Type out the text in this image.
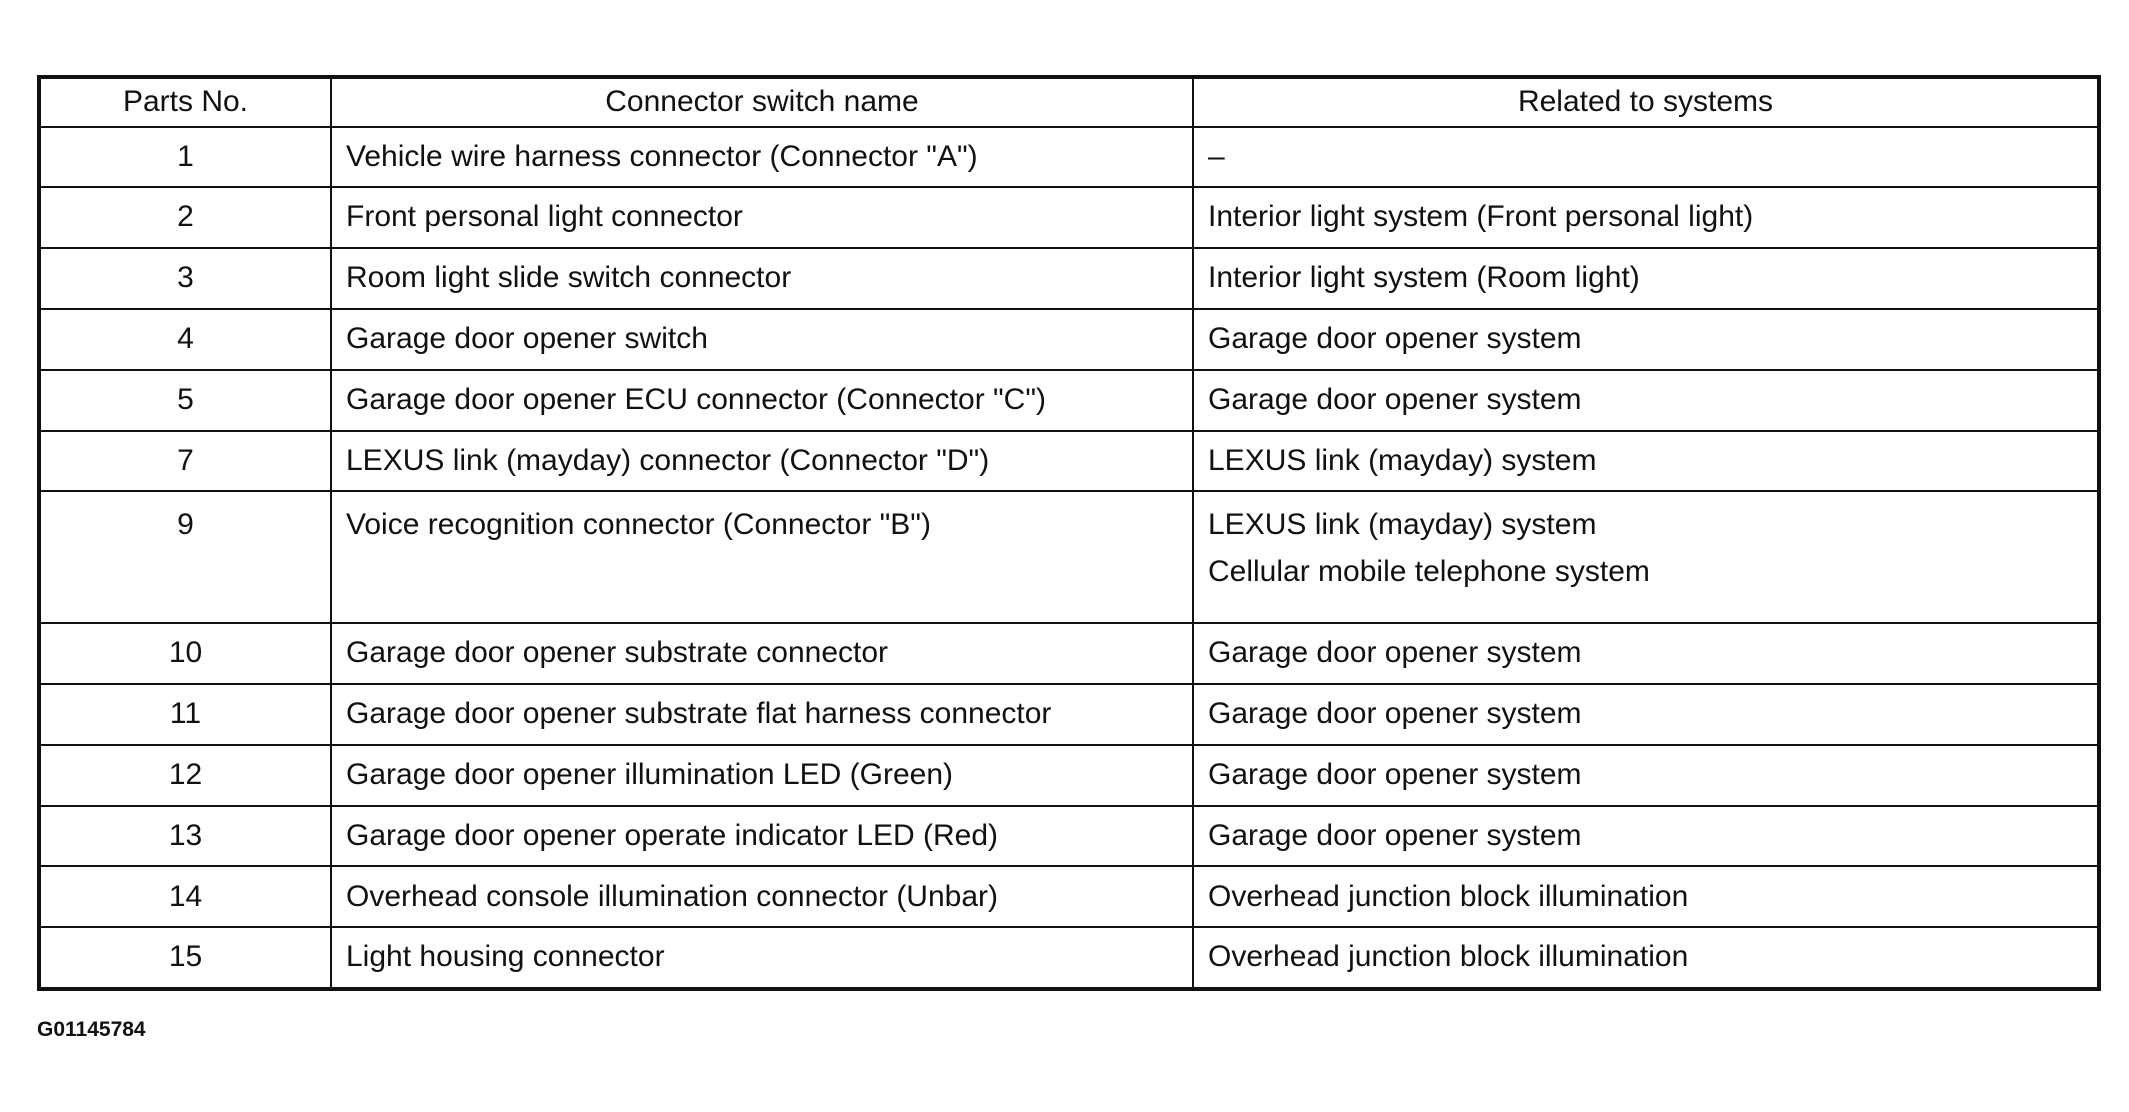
Parts No.	Connector switch name	Related to systems
1	Vehicle wire harness connector (Connector "A")	–

2	Front personal light connector	Interior light system (Front personal light)

3	Room light slide switch connector	Interior light system (Room light)

4	Garage door opener switch	Garage door opener system

5	Garage door opener ECU connector (Connector "C")	Garage door opener system

7	LEXUS link (mayday) connector (Connector "D")	LEXUS link (mayday) system

9	Voice recognition connector (Connector "B")	LEXUS link (mayday) system
Cellular mobile telephone system

10	Garage door opener substrate connector	Garage door opener system

11	Garage door opener substrate flat harness connector	Garage door opener system

12	Garage door opener illumination LED (Green)	Garage door opener system

13	Garage door opener operate indicator LED (Red)	Garage door opener system

14	Overhead console illumination connector (Unbar)	Overhead junction block illumination

15	Light housing connector	Overhead junction block illumination
G01145784
